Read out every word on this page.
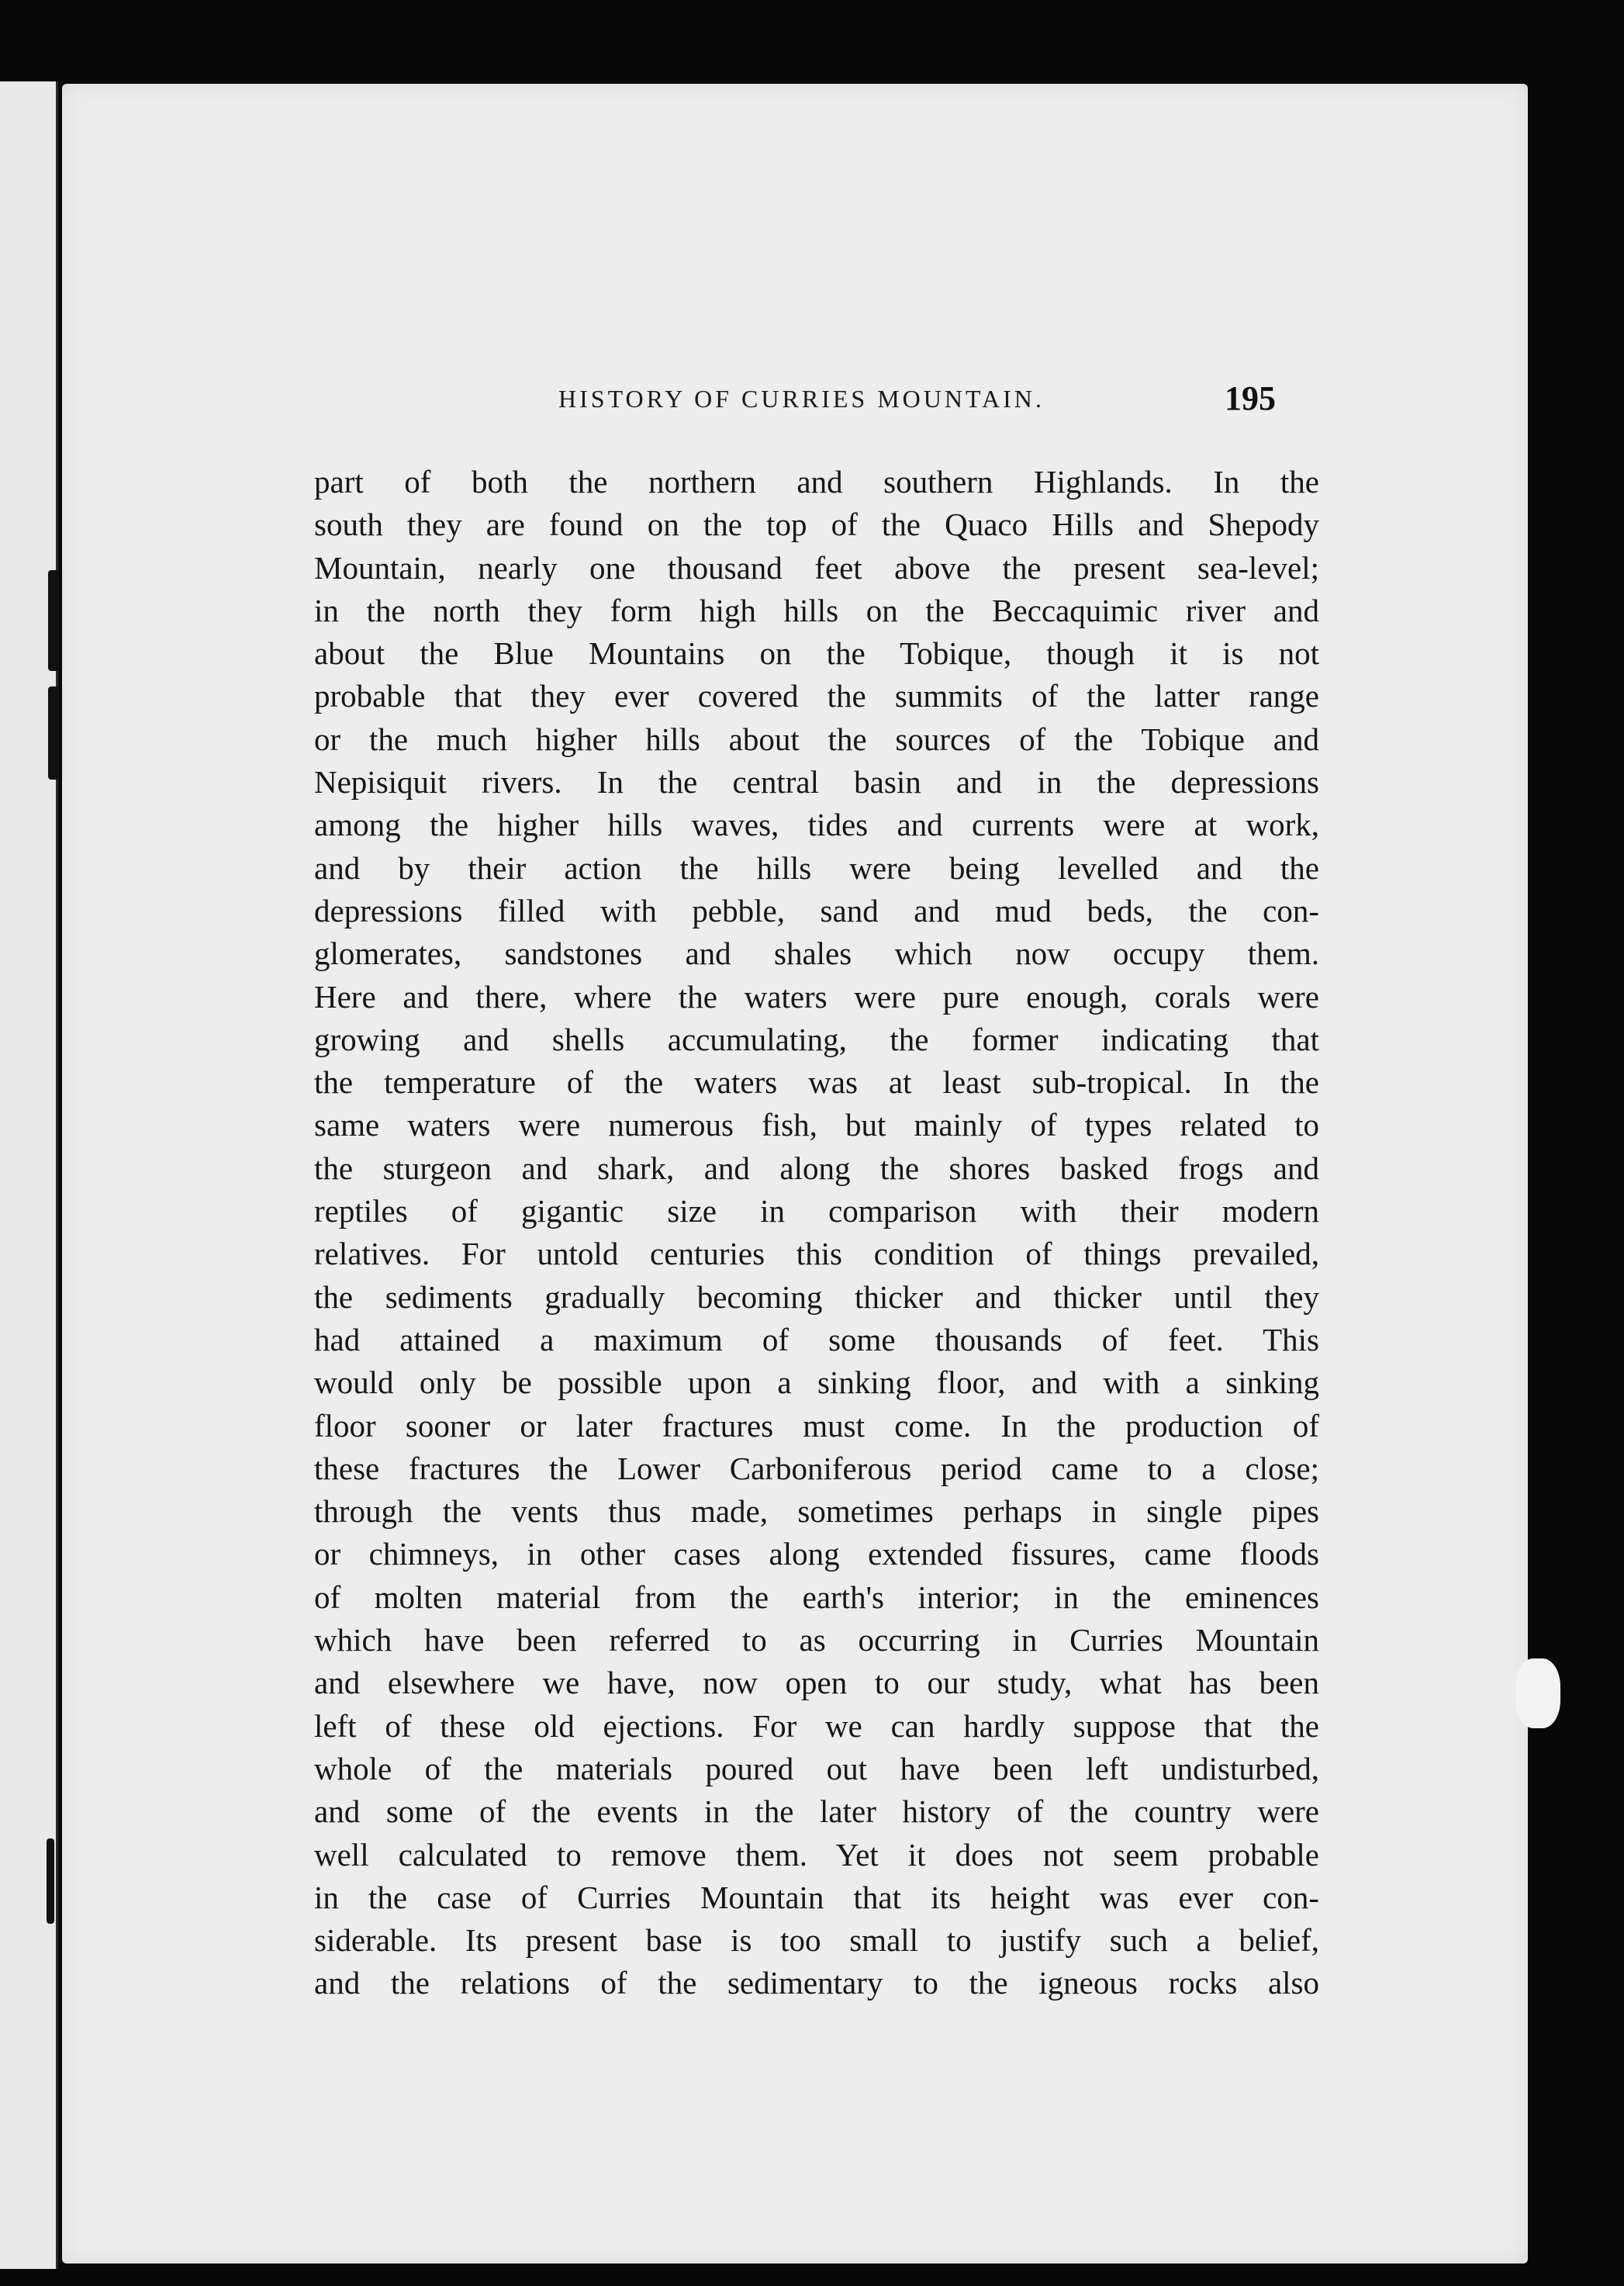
HISTORY OF CURRIES MOUNTAIN.	195
part of both the northern and southern Highlands. In the
south they are found on the top of the Quaco Hills and Shepody
Mountain, nearly one thousand feet above the present sea-level;
in the north they form high hills on the Beccaquimic river and
about the Blue Mountains on the Tobique, though it is not
probable that they ever covered the summits of the latter range
or the much higher hills about the sources of the Tobique and
Nepisiquit rivers. In the central basin and in the depressions
among the higher hills waves, tides and currents were at work,
and by their action the hills were being levelled and the
depressions filled with pebble, sand and mud beds, the con-
glomerates, sandstones and shales which now occupy them.
Here and there, where the waters were pure enough, corals were
growing and shells accumulating, the former indicating that
the temperature of the waters was at least sub-tropical. In the
same waters were numerous fish, but mainly of types related to
the sturgeon and shark, and along the shores basked frogs and
reptiles of gigantic size in comparison with their modern
relatives. For untold centuries this condition of things prevailed,
the sediments gradually becoming thicker and thicker until they
had attained a maximum of some thousands of feet. This
would only be possible upon a sinking floor, and with a sinking
floor sooner or later fractures must come. In the production of
these fractures the Lower Carboniferous period came to a close;
through the vents thus made, sometimes perhaps in single pipes
or chimneys, in other cases along extended fissures, came floods
of molten material from the earth's interior; in the eminences
which have been referred to as occurring in Curries Mountain
and elsewhere we have, now open to our study, what has been
left of these old ejections. For we can hardly suppose that the
whole of the materials poured out have been left undisturbed,
and some of the events in the later history of the country were
well calculated to remove them. Yet it does not seem probable
in the case of Curries Mountain that its height was ever con-
siderable. Its present base is too small to justify such a belief,
and the relations of the sedimentary to the igneous rocks also
